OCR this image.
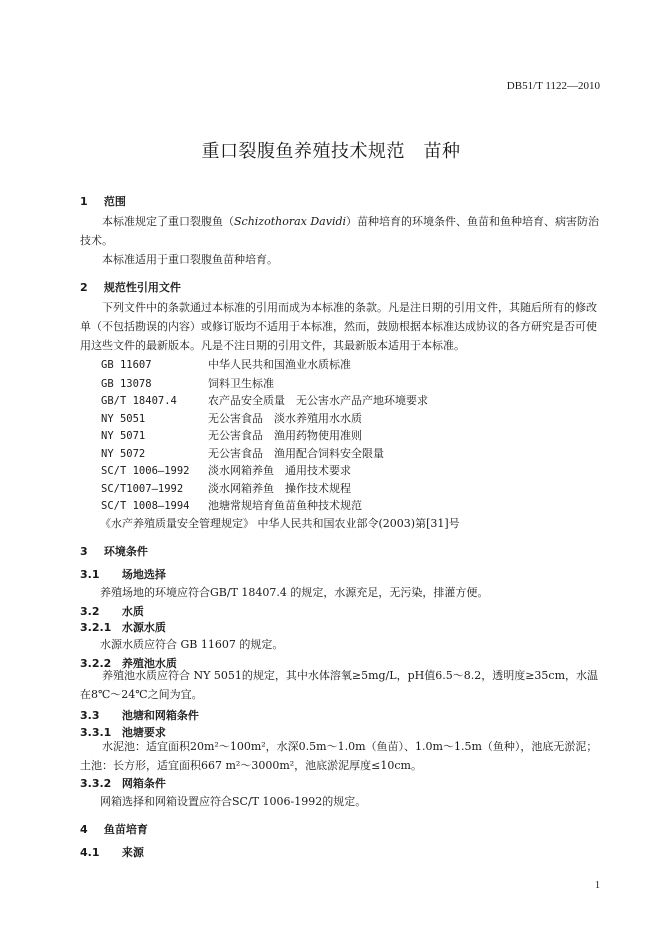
DB51/T 1122—2010
重口裂腹鱼养殖技术规范　苗种
1 范围
本标准规定了重口裂腹鱼（Schizothorax Davidi）苗种培育的环境条件、鱼苗和鱼种培育、病害防治技术。
本标准适用于重口裂腹鱼苗种培育。
2 规范性引用文件
下列文件中的条款通过本标准的引用而成为本标准的条款。凡是注日期的引用文件，其随后所有的修改单（不包括勘误的内容）或修订版均不适用于本标准，然而，鼓励根据本标准达成协议的各方研究是否可使用这些文件的最新版本。凡是不注日期的引用文件，其最新版本适用于本标准。
GB 11607	中华人民共和国渔业水质标准
GB 13078	饲料卫生标准
GB/T 18407.4	农产品安全质量　无公害水产品产地环境要求
NY 5051	无公害食品　淡水养殖用水水质
NY 5071	无公害食品　渔用药物使用准则
NY 5072	无公害食品　渔用配合饲料安全限量
SC/T 1006—1992 淡水网箱养鱼　通用技术要求
SC/T1007—1992 淡水网箱养鱼　操作技术规程
SC/T 1008—1994 池塘常规培育鱼苗鱼种技术规范
《水产养殖质量安全管理规定》 中华人民共和国农业部令(2003)第[31]号
3 环境条件
3.1 场地选择
养殖场地的环境应符合GB/T 18407.4 的规定，水源充足，无污染，排灌方便。
3.2 水质
3.2.1 水源水质
水源水质应符合 GB 11607 的规定。
3.2.2 养殖池水质
养殖池水质应符合 NY 5051的规定，其中水体溶氧≥5mg/L，pH值6.5～8.2，透明度≥35cm，水温在8℃～24℃之间为宜。
3.3 池塘和网箱条件
3.3.1 池塘要求
水泥池：适宜面积20m²～100m²，水深0.5m～1.0m（鱼苗）、1.0m～1.5m（鱼种），池底无淤泥；土池：长方形，适宜面积667 m²～3000m²，池底淤泥厚度≤10cm。
3.3.2 网箱条件
网箱选择和网箱设置应符合SC/T 1006-1992的规定。
4 鱼苗培育
4.1 来源
1
